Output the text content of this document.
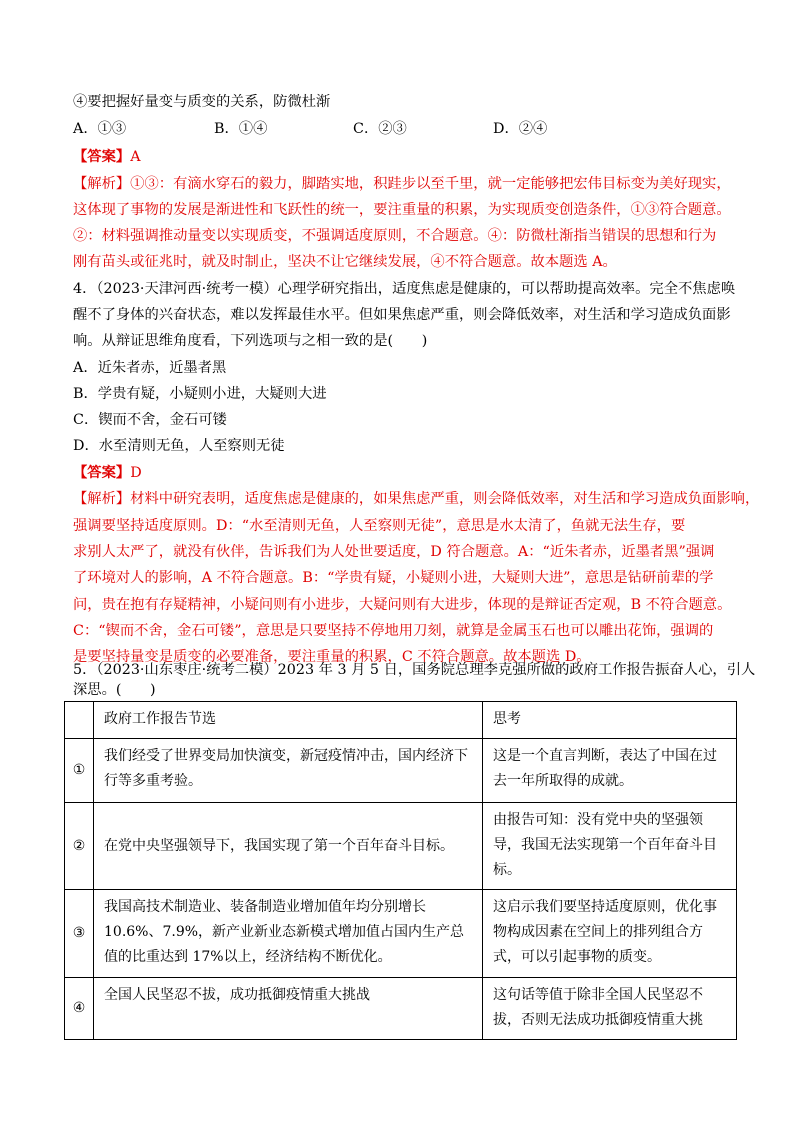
④要把握好量变与质变的关系，防微杜渐
A．①③	B．①④	C．②③	D．②④
【答案】A
【解析】①③：有滴水穿石的毅力，脚踏实地，积跬步以至千里，就一定能够把宏伟目标变为美好现实，
这体现了事物的发展是渐进性和飞跃性的统一，要注重量的积累，为实现质变创造条件，①③符合题意。
②：材料强调推动量变以实现质变，不强调适度原则，不合题意。④：防微杜渐指当错误的思想和行为
刚有苗头或征兆时，就及时制止，坚决不让它继续发展，④不符合题意。故本题选 A。
4．（2023·天津河西·统考一模）心理学研究指出，适度焦虑是健康的，可以帮助提高效率。完全不焦虑唤
醒不了身体的兴奋状态，难以发挥最佳水平。但如果焦虑严重，则会降低效率，对生活和学习造成负面影
响。从辩证思维角度看，下列选项与之相一致的是(　　)
A．近朱者赤，近墨者黑
B．学贵有疑，小疑则小进，大疑则大进
C．锲而不舍，金石可镂
D．水至清则无鱼，人至察则无徒
【答案】D
【解析】材料中研究表明，适度焦虑是健康的，如果焦虑严重，则会降低效率，对生活和学习造成负面影响，
强调要坚持适度原则。D：“水至清则无鱼，人至察则无徒”，意思是水太清了，鱼就无法生存，要
求别人太严了，就没有伙伴，告诉我们为人处世要适度，D 符合题意。A：“近朱者赤，近墨者黑”强调
了环境对人的影响，A 不符合题意。B：“学贵有疑，小疑则小进，大疑则大进”，意思是钻研前辈的学
问，贵在抱有存疑精神，小疑问则有小进步，大疑问则有大进步，体现的是辩证否定观，B 不符合题意。
C：“锲而不舍，金石可镂”，意思是只要坚持不停地用刀刻，就算是金属玉石也可以雕出花饰，强调的
是要坚持量变是质变的必要准备，要注重量的积累，C 不符合题意。故本题选 D。
5．（2023·山东枣庄·统考二模）2023 年 3 月 5 日，国务院总理李克强所做的政府工作报告振奋人心，引人
深思。(　　)
	政府工作报告节选	思考
①	我们经受了世界变局加快演变，新冠疫情冲击，国内经济下行等多重考验。	这是一个直言判断，表达了中国在过去一年所取得的成就。
②	在党中央坚强领导下，我国实现了第一个百年奋斗目标。	由报告可知：没有党中央的坚强领导，我国无法实现第一个百年奋斗目标。
③	我国高技术制造业、装备制造业增加值年均分别增长 10.6%、7.9%，新产业新业态新模式增加值占国内生产总值的比重达到 17%以上，经济结构不断优化。	这启示我们要坚持适度原则，优化事物构成因素在空间上的排列组合方式，可以引起事物的质变。
④	全国人民坚忍不拔，成功抵御疫情重大挑战	这句话等值于除非全国人民坚忍不拔，否则无法成功抵御疫情重大挑
